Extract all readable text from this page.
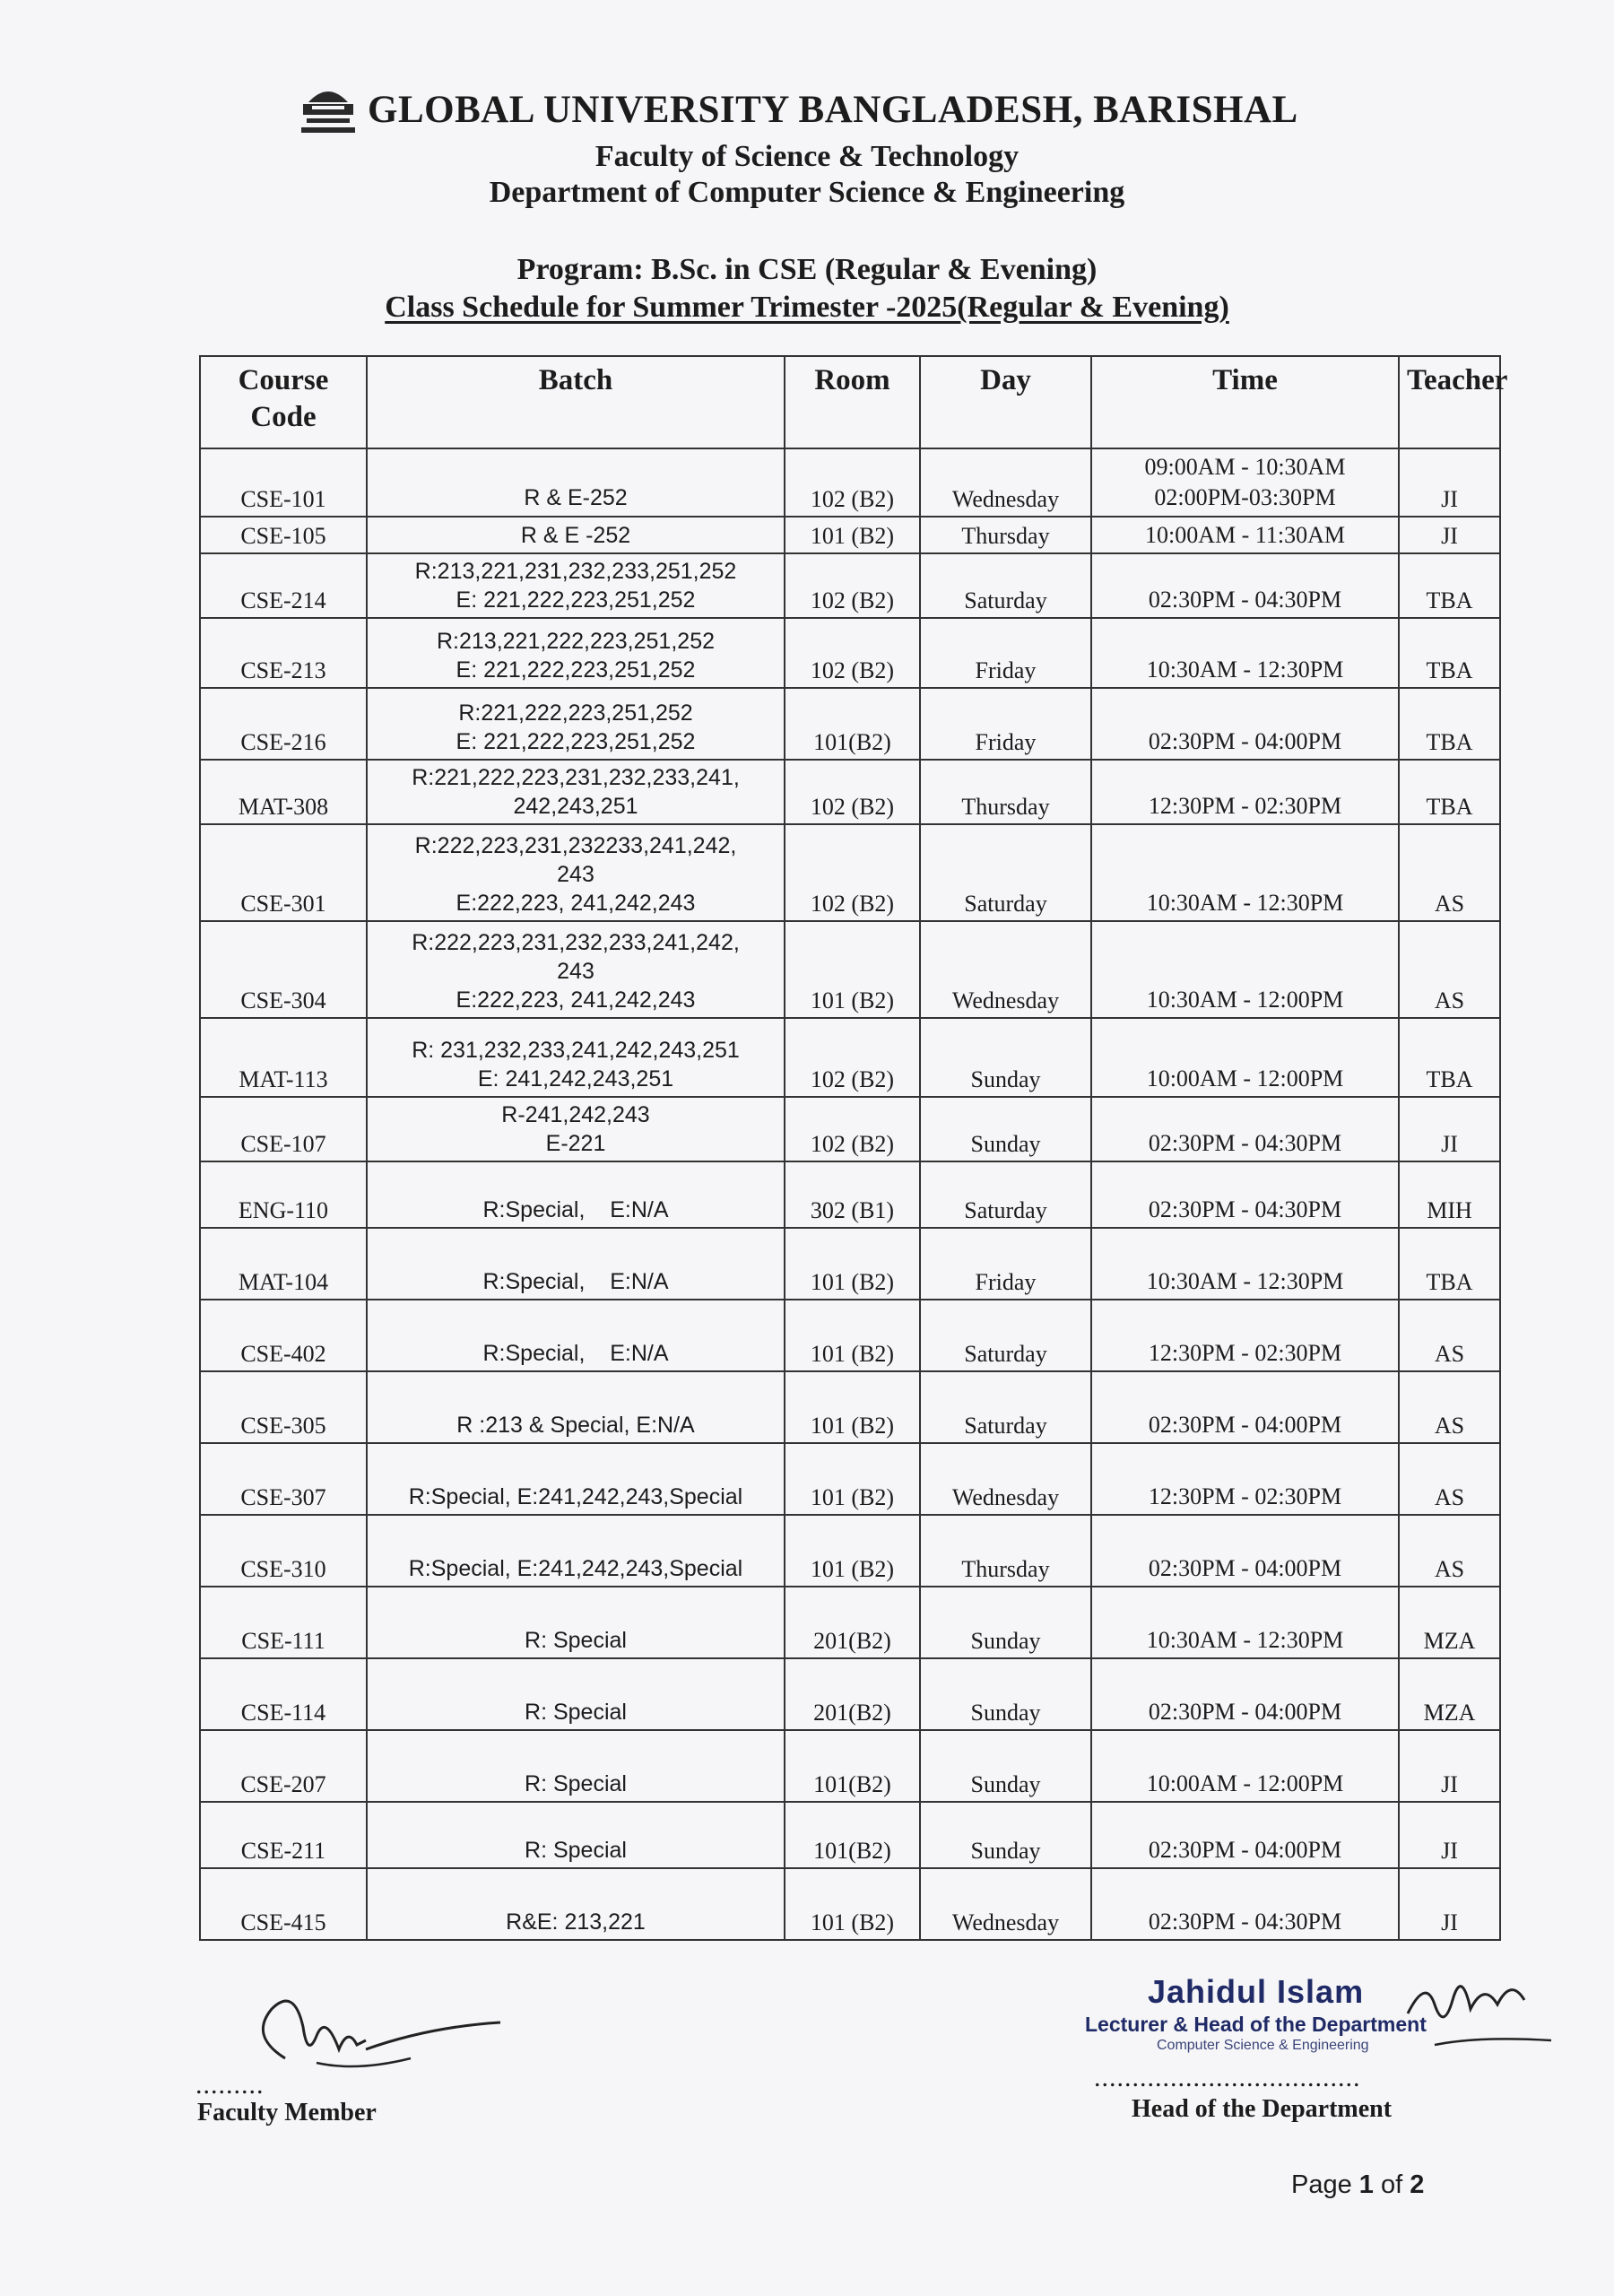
GLOBAL UNIVERSITY BANGLADESH, BARISHAL
Faculty of Science & Technology
Department of Computer Science & Engineering
Program: B.Sc. in CSE (Regular & Evening)
Class Schedule for Summer Trimester -2025(Regular & Evening)
Course Code	Batch	Room	Day	Time	Teacher
CSE-101	R & E-252	102 (B2)	Wednesday	09:00AM - 10:30AM
02:00PM-03:30PM	JI
CSE-105	R & E -252	101 (B2)	Thursday	10:00AM - 11:30AM	JI
CSE-214	R:213,221,231,232,233,251,252
E: 221,222,223,251,252	102 (B2)	Saturday	02:30PM - 04:30PM	TBA
CSE-213	R:213,221,222,223,251,252
E: 221,222,223,251,252	102 (B2)	Friday	10:30AM - 12:30PM	TBA
CSE-216	R:221,222,223,251,252
E: 221,222,223,251,252	101(B2)	Friday	02:30PM - 04:00PM	TBA
MAT-308	R:221,222,223,231,232,233,241,
242,243,251	102 (B2)	Thursday	12:30PM - 02:30PM	TBA
CSE-301	R:222,223,231,232233,241,242,
243
E:222,223, 241,242,243	102 (B2)	Saturday	10:30AM - 12:30PM	AS
CSE-304	R:222,223,231,232,233,241,242,
243
E:222,223, 241,242,243	101 (B2)	Wednesday	10:30AM - 12:00PM	AS
MAT-113	R: 231,232,233,241,242,243,251
E: 241,242,243,251	102 (B2)	Sunday	10:00AM - 12:00PM	TBA
CSE-107	R-241,242,243
E-221	102 (B2)	Sunday	02:30PM - 04:30PM	JI
ENG-110	R:Special,    E:N/A	302 (B1)	Saturday	02:30PM - 04:30PM	MIH
MAT-104	R:Special,    E:N/A	101 (B2)	Friday	10:30AM - 12:30PM	TBA
CSE-402	R:Special,    E:N/A	101 (B2)	Saturday	12:30PM - 02:30PM	AS
CSE-305	R :213 & Special, E:N/A	101 (B2)	Saturday	02:30PM - 04:00PM	AS
CSE-307	R:Special, E:241,242,243,Special	101 (B2)	Wednesday	12:30PM - 02:30PM	AS
CSE-310	R:Special, E:241,242,243,Special	101 (B2)	Thursday	02:30PM - 04:00PM	AS
CSE-111	R: Special	201(B2)	Sunday	10:30AM - 12:30PM	MZA
CSE-114	R: Special	201(B2)	Sunday	02:30PM - 04:00PM	MZA
CSE-207	R: Special	101(B2)	Sunday	10:00AM - 12:00PM	JI
CSE-211	R: Special	101(B2)	Sunday	02:30PM - 04:00PM	JI
CSE-415	R&E: 213,221	101 (B2)	Wednesday	02:30PM - 04:30PM	JI
.........
Faculty Member
Jahidul Islam
Lecturer & Head of the Department
Computer Science & Engineering
...................................
Head of the Department
Page 1 of 2
